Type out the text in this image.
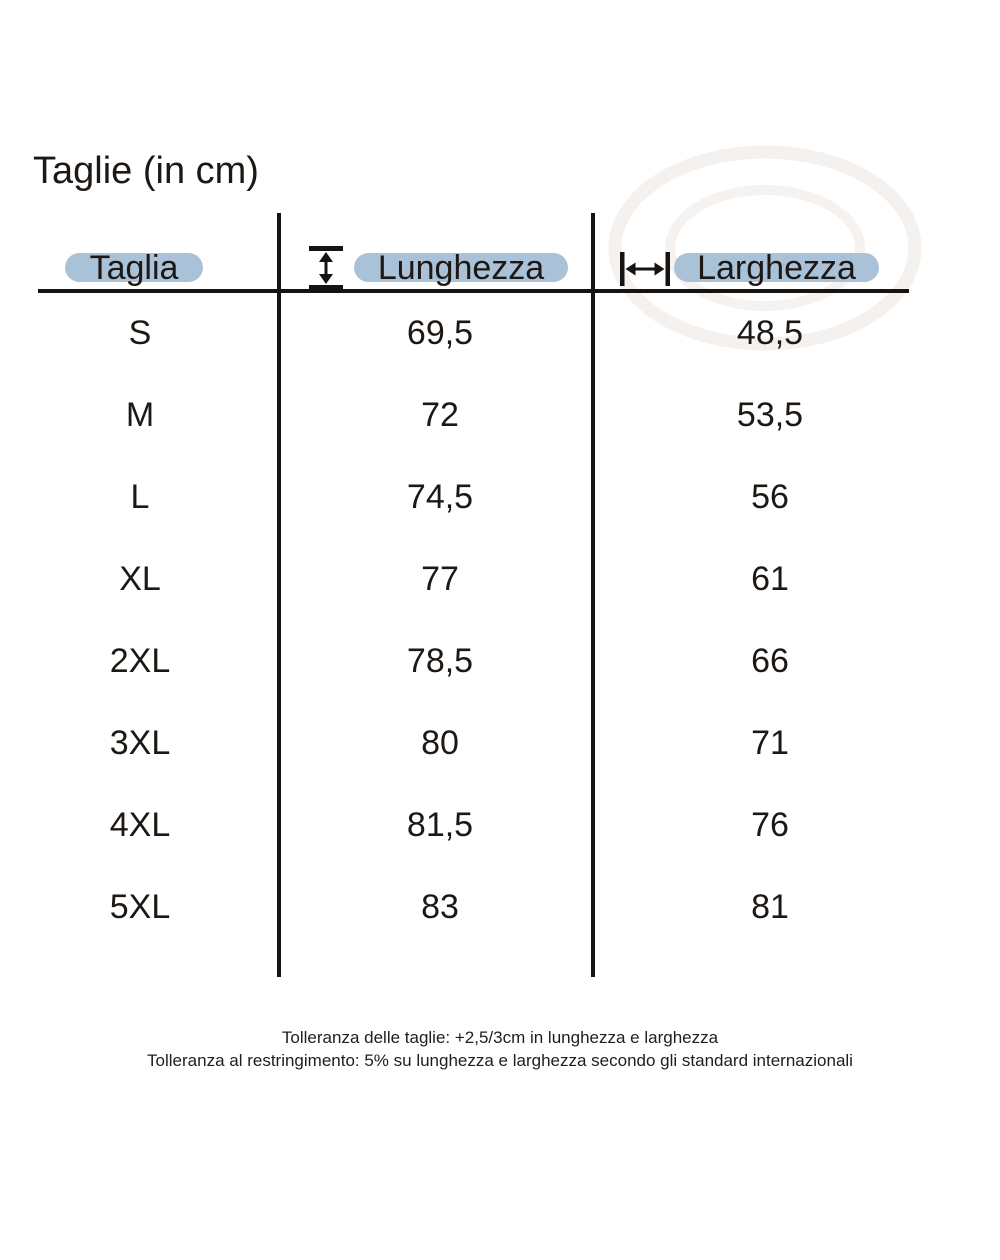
Taglie (in cm)
Taglia	Lunghezza	Larghezza
S	69,5	48,5
M	72	53,5
L	74,5	56
XL	77	61
2XL	78,5	66
3XL	80	71
4XL	81,5	76
5XL	83	81
Tolleranza delle taglie: +2,5/3cm in lunghezza e larghezza
Tolleranza al restringimento: 5% su lunghezza e larghezza secondo gli standard internazionali
